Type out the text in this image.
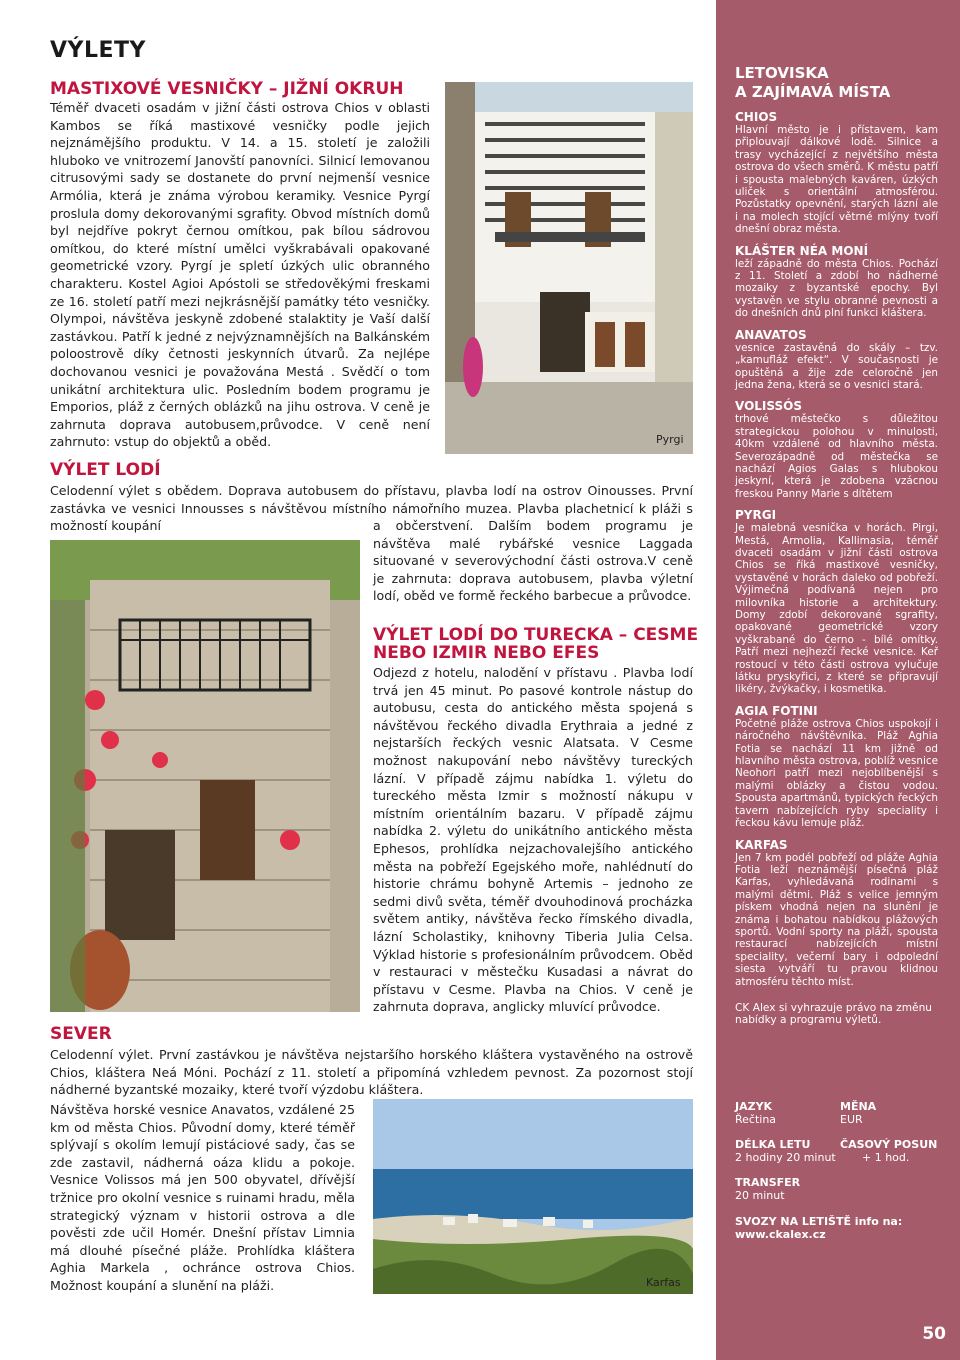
VÝLETY
MASTIXOVÉ VESNIČKY – JIŽNÍ OKRUH
Téměř dvaceti osadám v jižní části ostrova Chios v oblasti Kambos se říká mastixové vesničky podle jejich nejznámějšího produktu. V 14. a 15. století je založili hluboko ve vnitrozemí Janovští panovníci. Silnicí lemovanou citrusovými sady se dostanete do první nejmenší vesnice Armólia, která je známa výrobou keramiky. Vesnice Pyrgí proslula domy dekorovanými sgrafity. Obvod místních domů byl nejdříve pokryt černou omítkou, pak bílou sádrovou omítkou, do které místní umělci vyškrabávali opakované geometrické vzory. Pyrgí je spletí úzkých ulic obranného charakteru. Kostel Agioi Apóstoli se středověkými freskami ze 16. století patří mezi nejkrásnější památky této vesničky. Olympoi, návštěva jeskyně zdobené stalaktity je Vaší další zastávkou. Patří k jedné z nejvýznamnějších na Balkánském poloostrově díky četnosti jeskynních útvarů. Za nejlépe dochovanou vesnici je považována Mestá . Svědčí o tom unikátní architektura ulic. Posledním bodem programu je Emporios, pláž z černých oblázků na jihu ostrova. V ceně je zahrnuta doprava autobusem,průvodce. V ceně není zahrnuto: vstup do objektů a oběd.	Pyrgi
VÝLET LODÍ
Celodenní výlet s obědem. Doprava autobusem do přístavu, plavba lodí na ostrov Oinousses. První zastávka ve vesnici Innousses s návštěvou místního námořního muzea. Plavba plachetnicí k pláži s možností koupání	a občerstvení. Dalším bodem programu je návštěva malé rybářské vesnice Laggada situované v severovýchodní části ostrova.V ceně je zahrnuta: doprava autobusem, plavba výletní lodí, oběd ve formě řeckého barbecue a průvodce.
VÝLET LODÍ DO TURECKA – CESME
NEBO IZMIR NEBO EFES
Odjezd z hotelu, nalodění v přístavu . Plavba lodí trvá jen 45 minut. Po pasové kontrole nástup do autobusu, cesta do antického města spojená s návštěvou řeckého divadla Erythraia a jedné z nejstarších řeckých vesnic Alatsata. V Cesme možnost nakupování nebo návštěvy tureckých lázní. V případě zájmu nabídka 1. výletu do tureckého města Izmir s možností nákupu v místním orientálním bazaru. V případě zájmu nabídka 2. výletu do unikátního antického města Ephesos, prohlídka nejzachovalejšího antického města na pobřeží Egejského moře, nahlédnutí do historie chrámu bohyně Artemis – jednoho ze sedmi divů světa, téměř dvouhodinová procházka světem antiky, návštěva řecko římského divadla, lázní Scholastiky, knihovny Tiberia Julia Celsa. Výklad historie s profesionálním průvodcem. Oběd v restauraci v městečku Kusadasi a návrat do přístavu v Cesme. Plavba na Chios. V ceně je zahrnuta doprava, anglicky mluvící průvodce.
SEVER
Celodenní výlet. První zastávkou je návštěva nejstaršího horského kláštera vystavěného na ostrově Chios, kláštera Neá Móni. Pochází z 11. století a připomíná vzhledem pevnost. Za pozornost stojí nádherné byzantské mozaiky, které tvoří výzdobu kláštera.
Návštěva horské vesnice Anavatos, vzdálené 25 km od města Chios. Původní domy, které téměř splývají s okolím lemují pistáciové sady, čas se zde zastavil, nádherná oáza klidu a pokoje. Vesnice Volissos má jen 500 obyvatel, dřívější tržnice pro okolní vesnice s ruinami hradu, měla strategický význam v historii ostrova a dle pověsti zde učil Homér. Dnešní přístav Limnia má dlouhé písečné pláže. Prohlídka kláštera Aghia Markela , ochránce ostrova Chios. Možnost koupání a slunění na pláži.	Karfas
LETOVISKA
A ZAJÍMAVÁ MÍSTA
CHIOS
Hlavní město je i přístavem, kam připlouvají dálkové lodě. Silnice a trasy vycházející z největšího města ostrova do všech směrů. K městu patří i spousta malebných kaváren, úzkých uliček s orientální atmosférou. Pozůstatky opevnění, starých lázní ale i na molech stojící větrné mlýny tvoří dnešní obraz města.
KLÁŠTER NÉA MONÍ
leží západně do města Chios. Pochází z 11. Století a zdobí ho nádherné mozaiky z byzantské epochy. Byl vystavěn ve stylu obranné pevnosti a do dnešních dnů plní funkci kláštera.
ANAVATOS
vesnice zastavěná do skály – tzv. „kamufláž efekt“. V současnosti je opuštěná a žije zde celoročně jen jedna žena, která se o vesnici stará.
VOLISSÓS
trhové městečko s důležitou strategickou polohou v minulosti, 40km vzdálené od hlavního města. Severozápadně od městečka se nachází Agios Galas s hlubokou jeskyní, která je zdobena vzácnou freskou Panny Marie s dítětem
PYRGI
Je malebná vesnička v horách. Pirgi, Mestá, Armolia, Kallimasia, téměř dvaceti osadám v jižní části ostrova Chios se říká mastixové vesničky, vystavěné v horách daleko od pobřeží. Výjimečná podívaná nejen pro milovníka historie a architektury. Domy zdobí dekorované sgrafity, opakované geometrické vzory vyškrabané do černo - bílé omítky. Patří mezi nejhezčí řecké vesnice. Keř rostoucí v této části ostrova vylučuje látku pryskyřici, z které se připravují likéry, žvýkačky, i kosmetika.
AGIA FOTINI
Početné pláže ostrova Chios uspokojí i náročného návštěvníka. Pláž Aghia Fotia se nachází 11 km jižně od hlavního města ostrova, poblíž vesnice Neohori patří mezi nejoblíbenější s malými oblázky a čistou vodou. Spousta apartmánů, typických řeckých tavern nabízejících ryby speciality i řeckou kávu lemuje pláž.
KARFAS
Jen 7 km podél pobřeží od pláže Aghia Fotia leží neznámější písečná pláž Karfas, vyhledávaná rodinami s malými dětmi. Pláž s velice jemným pískem vhodná nejen na slunění je známa i bohatou nabídkou plážových sportů. Vodní sporty na pláži, spousta restaurací nabízejících místní speciality, večerní bary i odpolední siesta vytváří tu pravou klidnou atmosféru těchto míst.
CK Alex si vyhrazuje právo na změnu nabídky a programu výletů.
JAZYK
Řečtina
MĚNA
EUR
DÉLKA LETU
2 hodiny 20 minut
ČASOVÝ POSUN
+ 1 hod.
TRANSFER
20 minut
SVOZY NA LETIŠTĚ info na:
www.ckalex.cz
50
